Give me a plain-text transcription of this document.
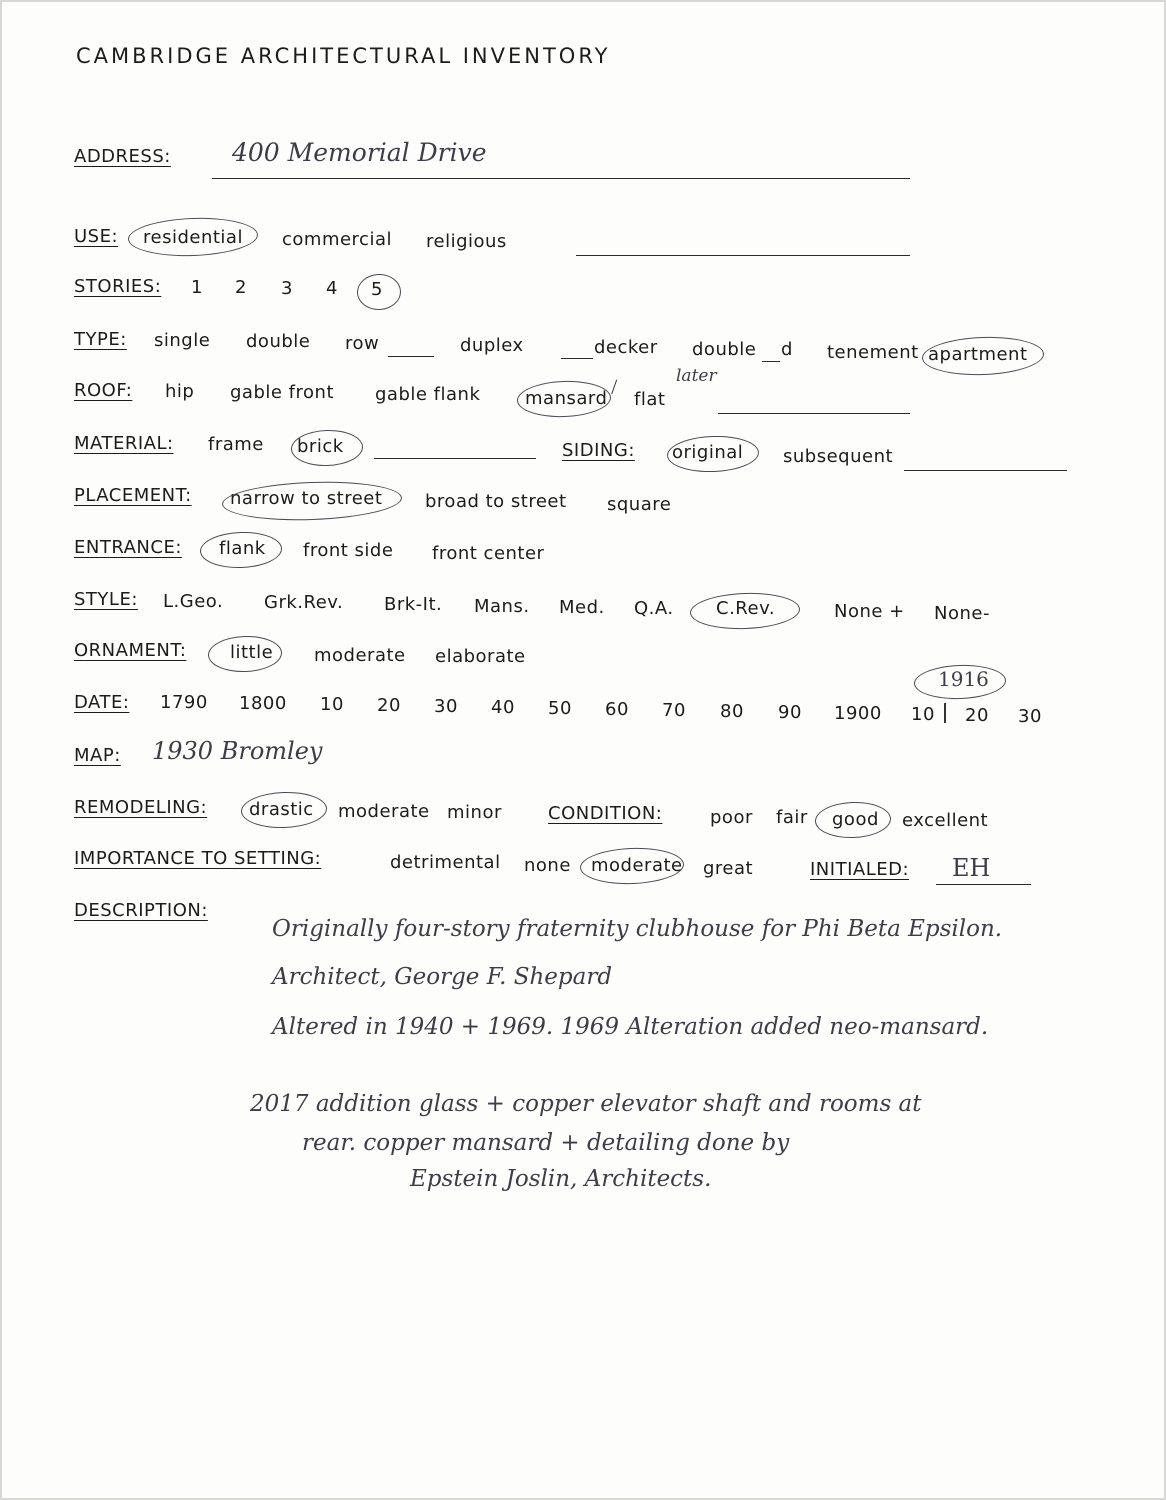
CAMBRIDGE ARCHITECTURAL INVENTORY
ADDRESS: 400 Memorial Drive
USE: residential commercial religious
STORIES: 1 2 3 4 5
TYPE: single double row	duplex	decker double d tenement apartment
ROOF: hip gable front gable flank mansard ⁄
flat
later
MATERIAL: frame brick	SIDING: original subsequent
PLACEMENT: narrow to street broad to street square
ENTRANCE: flank front side front center
STYLE: L.Geo. Grk.Rev. Brk-It. Mans. Med. Q.A. C.Rev.	None + None-
ORNAMENT: little moderate elaborate
DATE: 1790 1800 10 20 30 40 50 60 70 80 90 1900 10 20 30
1916
MAP: 1930 Bromley
REMODELING: drastic moderate minor	CONDITION:	poor fair good excellent
IMPORTANCE TO SETTING:	detrimental none moderate great	INITIALED: EH
DESCRIPTION:
Originally four-story fraternity clubhouse for Phi Beta Epsilon.
Architect, George F. Shepard
Altered in 1940 + 1969. 1969 Alteration added neo-mansard.
2017 addition glass + copper elevator shaft and rooms at
rear. copper mansard + detailing done by
Epstein Joslin, Architects.
